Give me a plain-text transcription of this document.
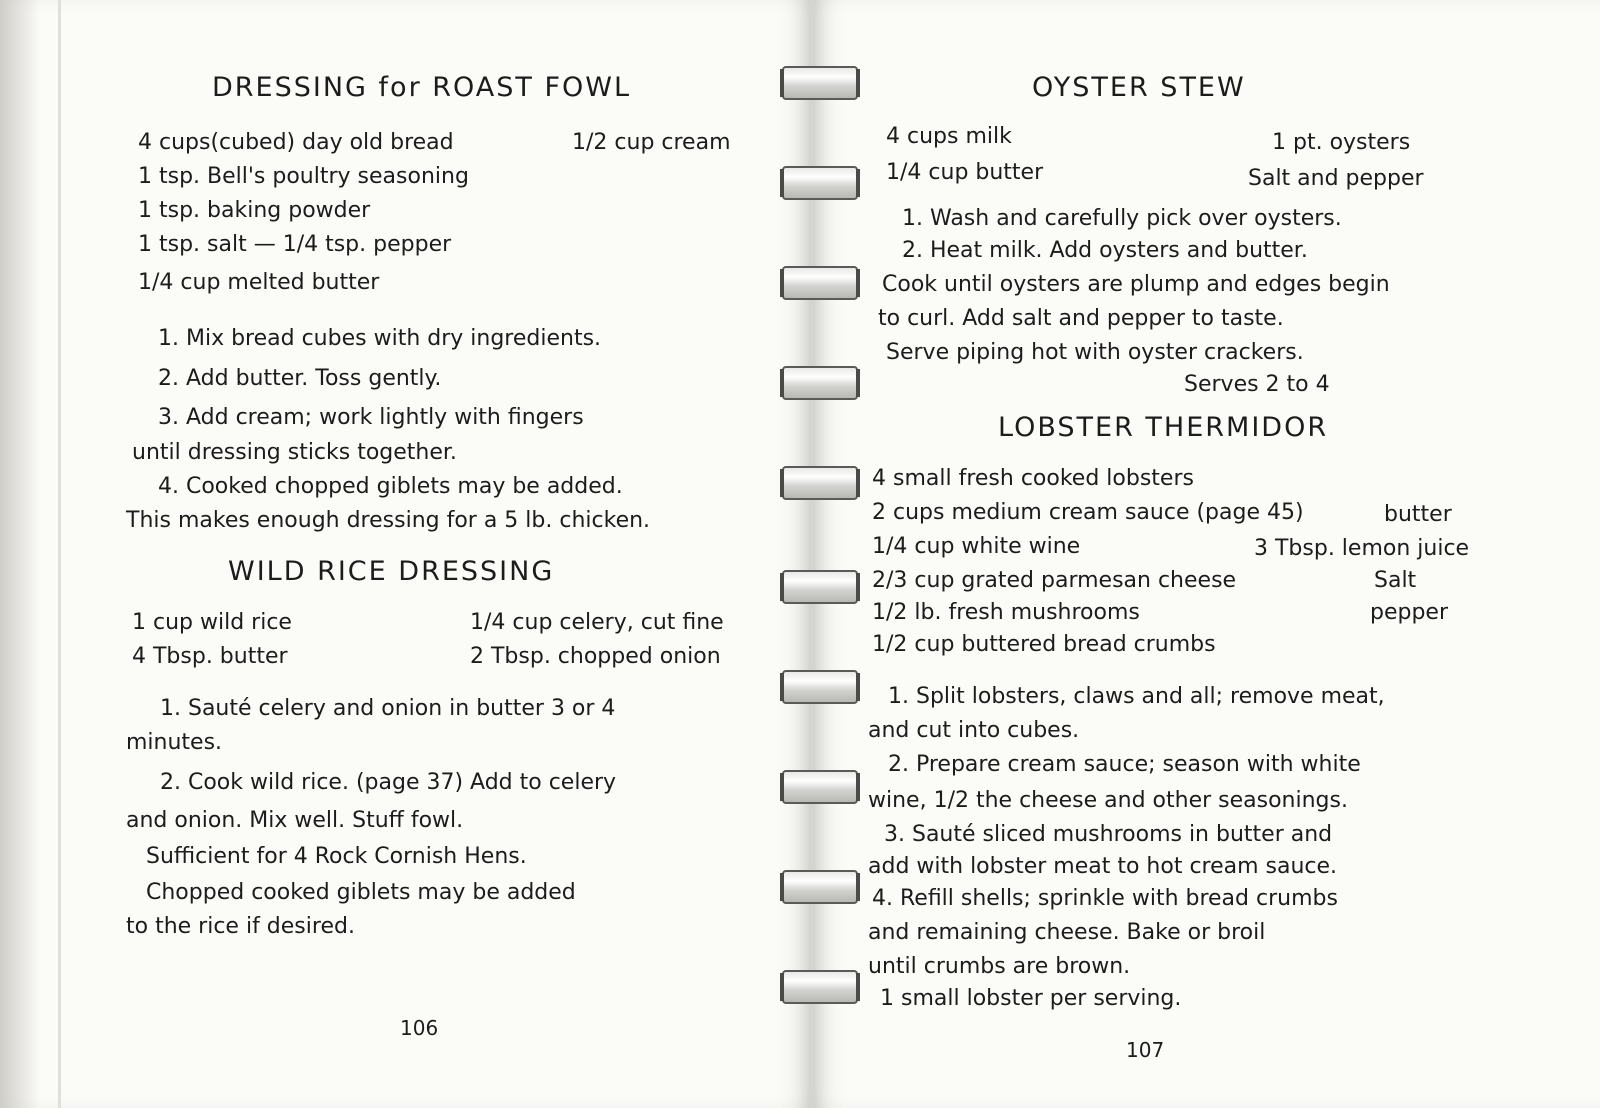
DRESSING for ROAST FOWL
4 cups(cubed) day old bread	1/2 cup cream
1 tsp. Bell's poultry seasoning
1 tsp. baking powder
1 tsp. salt — 1/4 tsp. pepper
1/4 cup melted butter
1. Mix bread cubes with dry ingredients.
2. Add butter. Toss gently.
3. Add cream; work lightly with fingers
until dressing sticks together.
4. Cooked chopped giblets may be added.
This makes enough dressing for a 5 lb. chicken.
WILD RICE DRESSING
1 cup wild rice	1/4 cup celery, cut fine
4 Tbsp. butter	2 Tbsp. chopped onion
1. Sauté celery and onion in butter 3 or 4
minutes.
2. Cook wild rice. (page 37) Add to celery
and onion. Mix well. Stuff fowl.
Sufficient for 4 Rock Cornish Hens.
Chopped cooked giblets may be added
to the rice if desired.
106
OYSTER STEW
4 cups milk	1 pt. oysters
1/4 cup butter	Salt and pepper
1. Wash and carefully pick over oysters.
2. Heat milk. Add oysters and butter.
Cook until oysters are plump and edges begin
to curl. Add salt and pepper to taste.
Serve piping hot with oyster crackers.
Serves 2 to 4
LOBSTER THERMIDOR
4 small fresh cooked lobsters
2 cups medium cream sauce (page 45)	butter
1/4 cup white wine	3 Tbsp. lemon juice
2/3 cup grated parmesan cheese	Salt
1/2 lb. fresh mushrooms	pepper
1/2 cup buttered bread crumbs
1. Split lobsters, claws and all; remove meat,
and cut into cubes.
2. Prepare cream sauce; season with white
wine, 1/2 the cheese and other seasonings.
3. Sauté sliced mushrooms in butter and
add with lobster meat to hot cream sauce.
4. Refill shells; sprinkle with bread crumbs
and remaining cheese. Bake or broil
until crumbs are brown.
1 small lobster per serving.
107
